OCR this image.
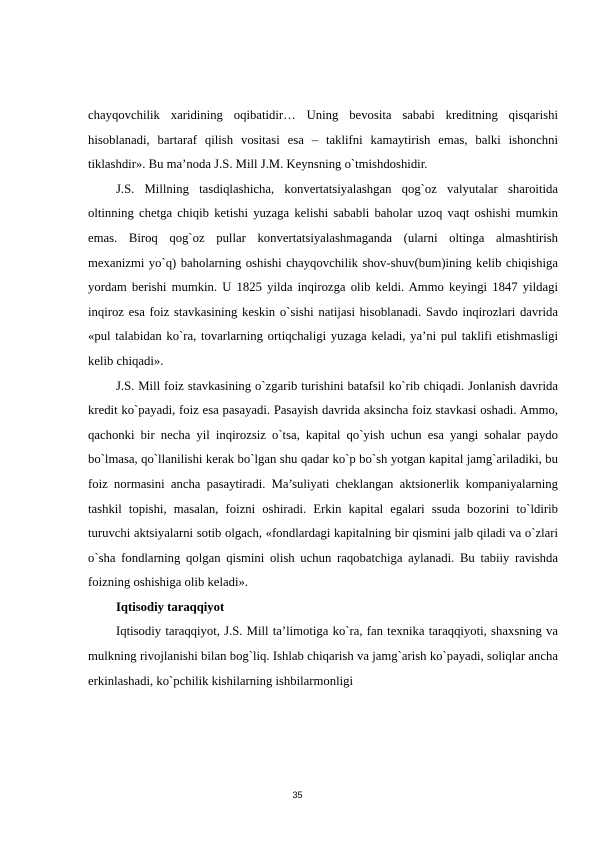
chayqovchilik xaridining oqibatidir… Uning bevosita sababi kreditning qisqarishi hisoblanadi, bartaraf qilish vositasi esa – taklifni kamaytirish emas, balki ishonchni tiklashdir». Bu ma’noda J.S. Mill J.M. Keynsning o`tmishdoshidir.

J.S. Millning tasdiqlashicha, konvertatsiyalashgan qog`oz valyutalar sharoitida oltinning chetga chiqib ketishi yuzaga kelishi sababli baholar uzoq vaqt oshishi mumkin emas. Biroq qog`oz pullar konvertatsiyalashmaganda (ularni oltinga almashtirish mexanizmi yo`q) baholarning oshishi chayqovchilik shov-shuv(bum)ining kelib chiqishiga yordam berishi mumkin. U 1825 yilda inqirozga olib keldi. Ammo keyingi 1847 yildagi inqiroz esa foiz stavkasining keskin o`sishi natijasi hisoblanadi. Savdo inqirozlari davrida «pul talabidan ko`ra, tovarlarning ortiqchaligi yuzaga keladi, ya’ni pul taklifi etishmasligi kelib chiqadi».

J.S. Mill foiz stavkasining o`zgarib turishini batafsil ko`rib chiqadi. Jonlanish davrida kredit ko`payadi, foiz esa pasayadi. Pasayish davrida aksincha foiz stavkasi oshadi. Ammo, qachonki bir necha yil inqirozsiz o`tsa, kapital qo`yish uchun esa yangi sohalar paydo bo`lmasa, qo`llanilishi kerak bo`lgan shu qadar ko`p bo`sh yotgan kapital jamg`ariladiki, bu foiz normasini ancha pasaytiradi. Ma’suliyati cheklangan aktsionerlik kompaniyalarning tashkil topishi, masalan, foizni oshiradi. Erkin kapital egalari ssuda bozorini to`ldirib turuvchi aktsiyalarni sotib olgach, «fondlardagi kapitalning bir qismini jalb qiladi va o`zlari o`sha fondlarning qolgan qismini olish uchun raqobatchiga aylanadi. Bu tabiiy ravishda foizning oshishiga olib keladi».

Iqtisodiy taraqqiyot

Iqtisodiy taraqqiyot, J.S. Mill ta’limotiga ko`ra, fan texnika taraqqiyoti, shaxsning va mulkning rivojlanishi bilan bog`liq. Ishlab chiqarish va jamg`arish ko`payadi, soliqlar ancha erkinlashadi, ko`pchilik kishilarning ishbilarmonligi

35
